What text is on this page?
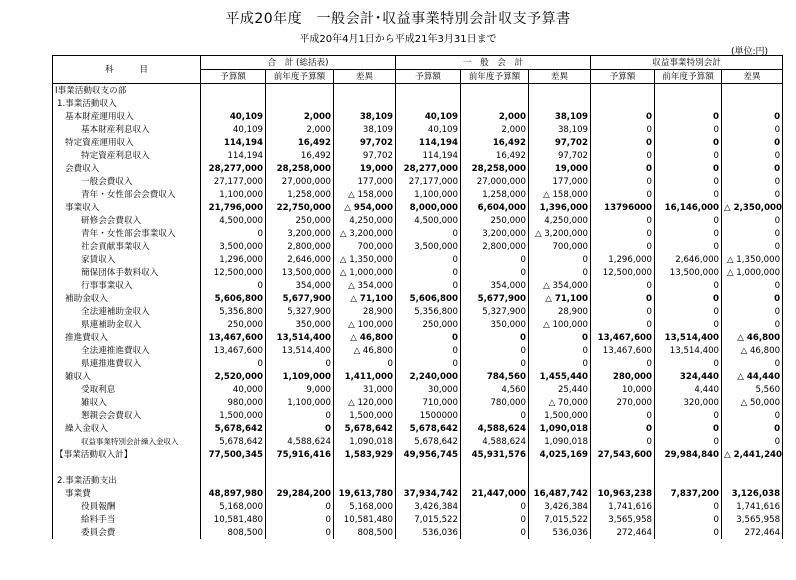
平成20年度　一般会計･収益事業特別会計収支予算書
平成20年4月1日から平成21年3月31日まで
(単位:円)
科　　　目	合　計 (総括表)			一　般　会　計			収益事業特別会計		
	予算額	前年度予算額	差異	予算額	前年度予算額	差異	予算額	前年度予算額	差異
Ⅰ事業活動収支の部									
1.事業活動収入									
基本財産運用収入	40,109	2,000	38,109	40,109	2,000	38,109	0	0	0
基本財産利息収入	40,109	2,000	38,109	40,109	2,000	38,109	0	0	0
特定資産運用収入	114,194	16,492	97,702	114,194	16,492	97,702	0	0	0
特定資産利息収入	114,194	16,492	97,702	114,194	16,492	97,702	0	0	0
会費収入	28,277,000	28,258,000	19,000	28,277,000	28,258,000	19,000	0	0	0
一般会費収入	27,177,000	27,000,000	177,000	27,177,000	27,000,000	177,000	0	0	0
青年・女性部会会費収入	1,100,000	1,258,000	△ 158,000	1,100,000	1,258,000	△ 158,000	0	0	0
事業収入	21,796,000	22,750,000	△ 954,000	8,000,000	6,604,000	1,396,000	13796000	16,146,000	△ 2,350,000
研修会会費収入	4,500,000	250,000	4,250,000	4,500,000	250,000	4,250,000	0	0	0
青年・女性部会事業収入	0	3,200,000	△ 3,200,000	0	3,200,000	△ 3,200,000	0	0	0
社会貢献事業収入	3,500,000	2,800,000	700,000	3,500,000	2,800,000	700,000	0	0	0
家賃収入	1,296,000	2,646,000	△ 1,350,000	0	0	0	1,296,000	2,646,000	△ 1,350,000
簡保団体手数料収入	12,500,000	13,500,000	△ 1,000,000	0	0	0	12,500,000	13,500,000	△ 1,000,000
行事事業収入	0	354,000	△ 354,000	0	354,000	△ 354,000	0	0	0
補助金収入	5,606,800	5,677,900	△ 71,100	5,606,800	5,677,900	△ 71,100	0	0	0
全法連補助金収入	5,356,800	5,327,900	28,900	5,356,800	5,327,900	28,900	0	0	0
県連補助金収入	250,000	350,000	△ 100,000	250,000	350,000	△ 100,000	0	0	0
推進費収入	13,467,600	13,514,400	△ 46,800	0	0	0	13,467,600	13,514,400	△ 46,800
全法連推進費収入	13,467,600	13,514,400	△ 46,800	0	0	0	13,467,600	13,514,400	△ 46,800
県連推進費収入	0	0	0	0	0	0	0	0	0
雑収入	2,520,000	1,109,000	1,411,000	2,240,000	784,560	1,455,440	280,000	324,440	△ 44,440
受取利息	40,000	9,000	31,000	30,000	4,560	25,440	10,000	4,440	5,560
雑収入	980,000	1,100,000	△ 120,000	710,000	780,000	△ 70,000	270,000	320,000	△ 50,000
懇親会会費収入	1,500,000	0	1,500,000	1500000	0	1,500,000	0	0	0
繰入金収入	5,678,642	0	5,678,642	5,678,642	4,588,624	1,090,018	0	0	0
収益事業特別会計繰入金収入	5,678,642	4,588,624	1,090,018	5,678,642	4,588,624	1,090,018	0	0	0
【事業活動収入計】	77,500,345	75,916,416	1,583,929	49,956,745	45,931,576	4,025,169	27,543,600	29,984,840	△ 2,441,240

2.事業活動支出									
事業費	48,897,980	29,284,200	19,613,780	37,934,742	21,447,000	16,487,742	10,963,238	7,837,200	3,126,038
役員報酬	5,168,000	0	5,168,000	3,426,384	0	3,426,384	1,741,616	0	1,741,616
給料手当	10,581,480	0	10,581,480	7,015,522	0	7,015,522	3,565,958	0	3,565,958
委員会費	808,500	0	808,500	536,036	0	536,036	272,464	0	272,464
